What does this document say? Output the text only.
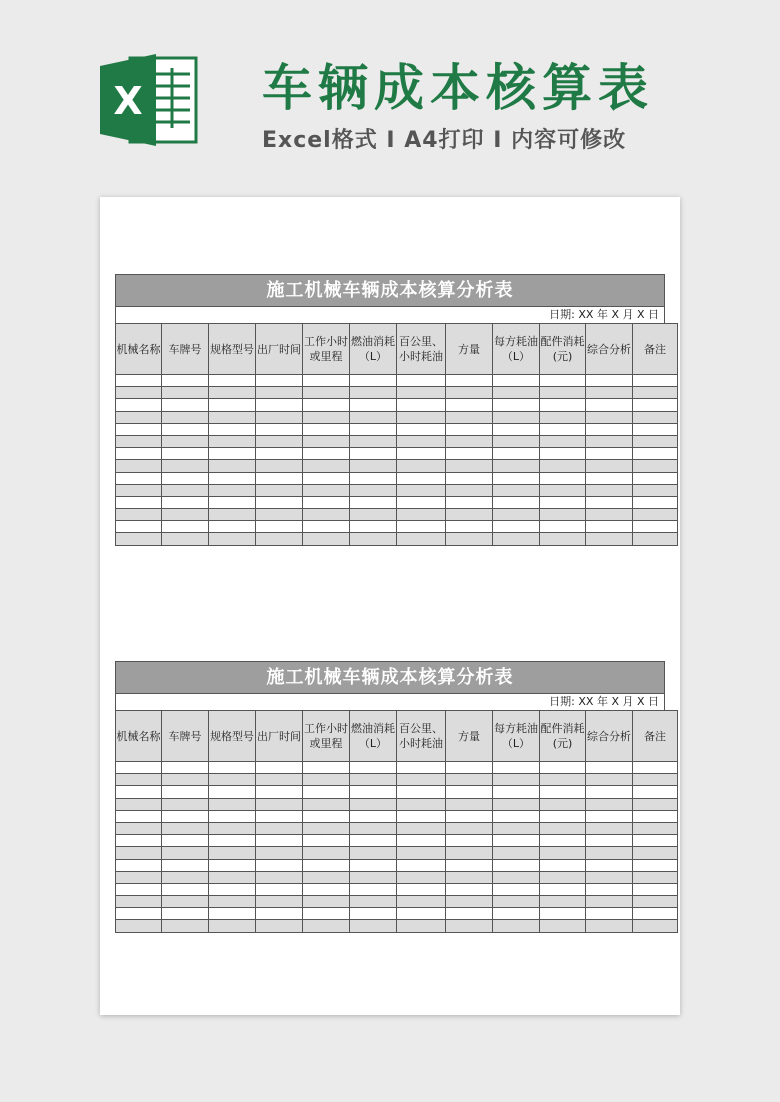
X 车辆成本核算表
Excel格式 I A4打印 I 内容可修改
施工机械车辆成本核算分析表
日期: XX 年 X 月 X 日
机械名称	车牌号	规格型号	出厂时间	工作小时或里程	燃油消耗（L）	百公里、小时耗油	方量	每方耗油（L）	配件消耗(元)	综合分析	备注

施工机械车辆成本核算分析表
日期: XX 年 X 月 X 日
机械名称	车牌号	规格型号	出厂时间	工作小时或里程	燃油消耗（L）	百公里、小时耗油	方量	每方耗油（L）	配件消耗(元)	综合分析	备注
